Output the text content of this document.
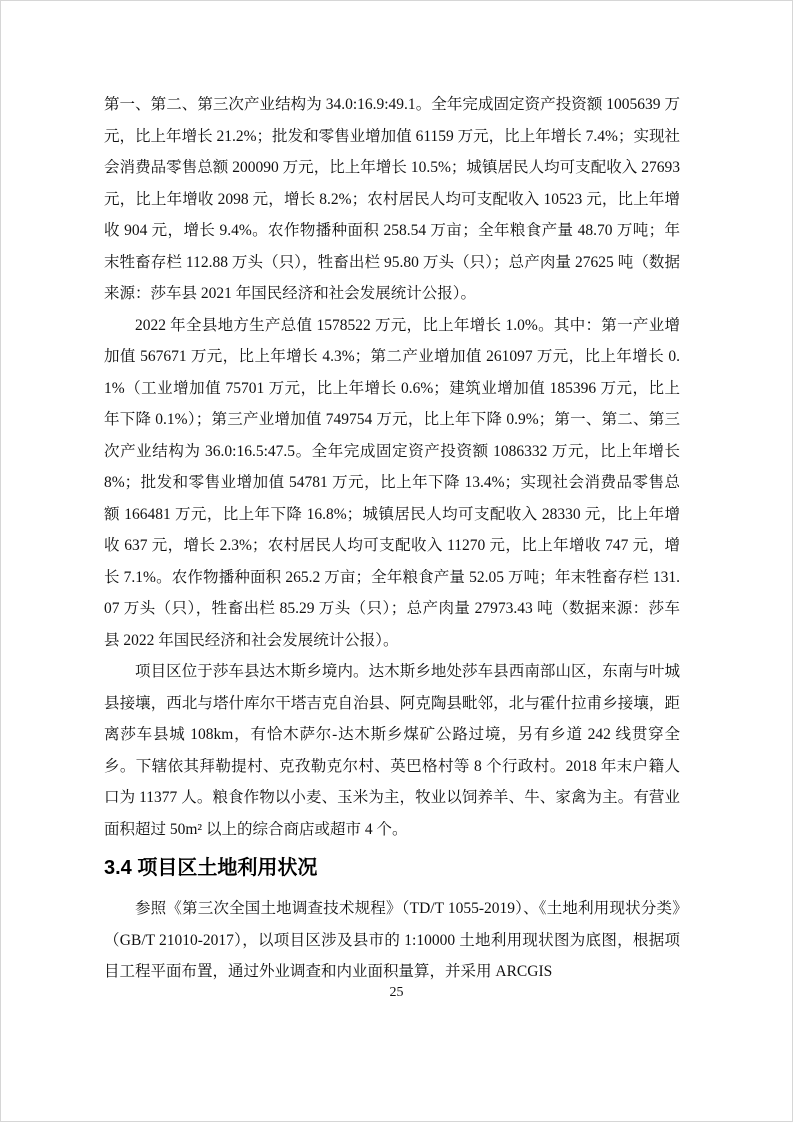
第一、第二、第三次产业结构为 34.0:16.9:49.1。全年完成固定资产投资额 1005639 万元，比上年增长 21.2%；批发和零售业增加值 61159 万元，比上年增长 7.4%；实现社会消费品零售总额 200090 万元，比上年增长 10.5%；城镇居民人均可支配收入 27693 元，比上年增收 2098 元，增长 8.2%；农村居民人均可支配收入 10523 元，比上年增收 904 元，增长 9.4%。农作物播种面积 258.54 万亩；全年粮食产量 48.70 万吨；年末牲畜存栏 112.88 万头（只），牲畜出栏 95.80 万头（只）；总产肉量 27625 吨（数据来源：莎车县 2021 年国民经济和社会发展统计公报）。

2022 年全县地方生产总值 1578522 万元，比上年增长 1.0%。其中：第一产业增加值 567671 万元，比上年增长 4.3%；第二产业增加值 261097 万元，比上年增长 0.1%（工业增加值 75701 万元，比上年增长 0.6%；建筑业增加值 185396 万元，比上年下降 0.1%）；第三产业增加值 749754 万元，比上年下降 0.9%；第一、第二、第三次产业结构为 36.0:16.5:47.5。全年完成固定资产投资额 1086332 万元，比上年增长 8%；批发和零售业增加值 54781 万元，比上年下降 13.4%；实现社会消费品零售总额 166481 万元，比上年下降 16.8%；城镇居民人均可支配收入 28330 元，比上年增收 637 元，增长 2.3%；农村居民人均可支配收入 11270 元，比上年增收 747 元，增长 7.1%。农作物播种面积 265.2 万亩；全年粮食产量 52.05 万吨；年末牲畜存栏 131.07 万头（只），牲畜出栏 85.29 万头（只）；总产肉量 27973.43 吨（数据来源：莎车县 2022 年国民经济和社会发展统计公报）。

项目区位于莎车县达木斯乡境内。达木斯乡地处莎车县西南部山区，东南与叶城县接壤，西北与塔什库尔干塔吉克自治县、阿克陶县毗邻，北与霍什拉甫乡接壤，距离莎车县城 108km，有恰木萨尔-达木斯乡煤矿公路过境，另有乡道 242 线贯穿全乡。下辖依其拜勒提村、克孜勒克尔村、英巴格村等 8 个行政村。2018 年末户籍人口为 11377 人。粮食作物以小麦、玉米为主，牧业以饲养羊、牛、家禽为主。有营业面积超过 50m² 以上的综合商店或超市 4 个。

3.4 项目区土地利用状况

参照《第三次全国土地调查技术规程》（TD/T 1055-2019）、《土地利用现状分类》（GB/T 21010-2017），以项目区涉及县市的 1:10000 土地利用现状图为底图，根据项目工程平面布置，通过外业调查和内业面积量算，并采用 ARCGIS

25
